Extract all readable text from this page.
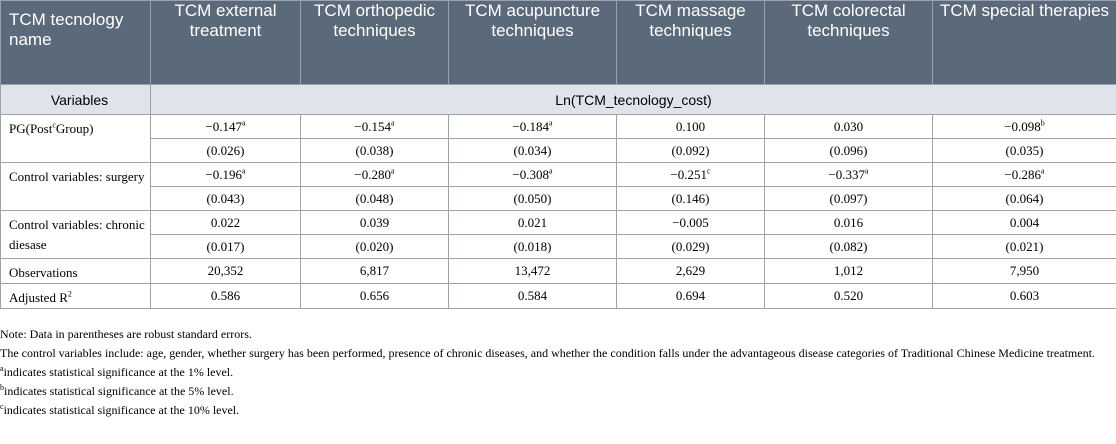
TCM tecnology name	TCM external treatment	TCM orthopedic techniques	TCM acupuncture techniques	TCM massage techniques	TCM colorectal techniques	TCM special therapies
Variables	Ln(TCM_tecnology_cost)					
PG(Post$^c$Group)	−0.147$^a$	−0.154$^a$	−0.184$^a$	0.100	0.030	−0.098$^b$
	(0.026)	(0.038)	(0.034)	(0.092)	(0.096)	(0.035)
Control variables: surgery	−0.196$^a$	−0.280$^a$	−0.308$^a$	−0.251$^c$	−0.337$^a$	−0.286$^a$
	(0.043)	(0.048)	(0.050)	(0.146)	(0.097)	(0.064)
Control variables: chronic diesase	0.022	0.039	0.021	−0.005	0.016	0.004
	(0.017)	(0.020)	(0.018)	(0.029)	(0.082)	(0.021)
Observations	20,352	6,817	13,472	2,629	1,012	7,950
Adjusted $R^2$	0.586	0.656	0.584	0.694	0.520	0.603

Note: Data in parentheses are robust standard errors.

The control variables include: age, gender, whether surgery has been performed, presence of chronic diseases, and whether the condition falls under the advantageous disease categories of Traditional Chinese Medicine treatment.

$^a$indicates statistical significance at the 1% level.

$^b$indicates statistical significance at the 5% level.

$^c$indicates statistical significance at the 10% level.
